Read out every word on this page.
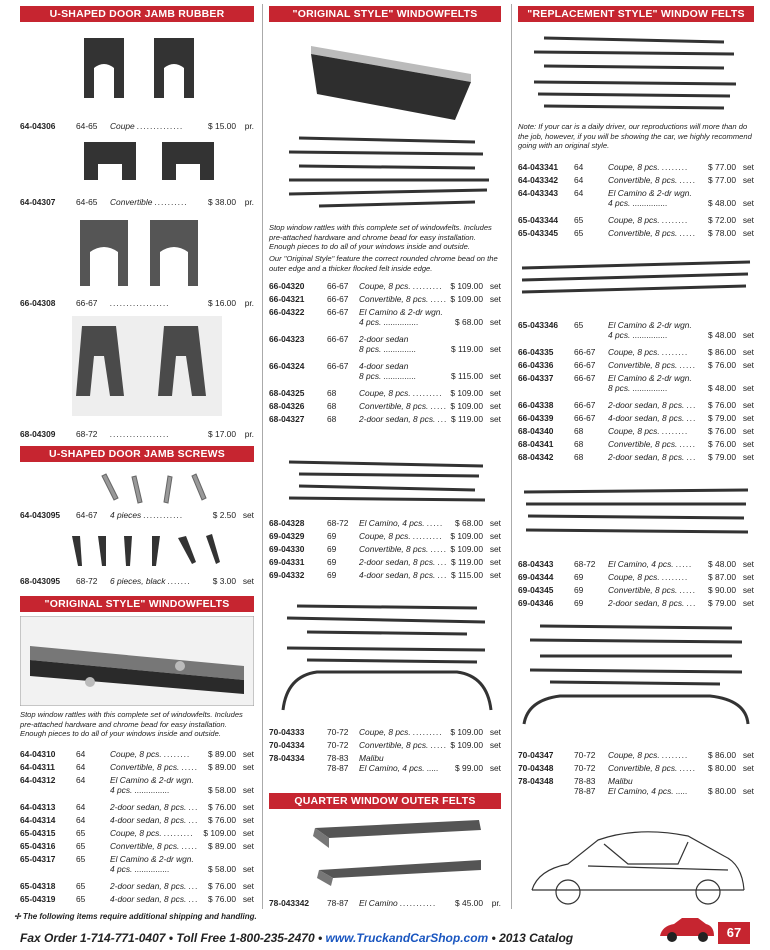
U-SHAPED DOOR JAMB RUBBER
64-04306 64-65 Coupe ..............	$ 15.00 pr.
64-04307 64-65 Convertible .......... $ 38.00 pr.
66-04308 66-67 ..................	$ 16.00 pr.
68-04309 68-72 ..................	$ 17.00 pr.
U-SHAPED DOOR JAMB SCREWS
64-043095 64-67 4 pieces ............	$ 2.50 set
68-043095 68-72 6 pieces, black .......	$ 3.00 set
"ORIGINAL STYLE" WINDOWFELTS
Stop window rattles with this complete set of windowfelts. Includes pre-attached hardware and chrome bead for easy installation. Enough pieces to do all of your windows inside and outside.
64-04310 64	Coupe, 8 pcs. ........ $ 89.00 set
64-04311	64	Convertible, 8 pcs. ..... $ 89.00 set
64-04312 64	El Camino & 2-dr wgn.
4 pcs. ...............	$ 58.00 set
64-04313 64	2-door sedan, 8 pcs. ... $ 76.00 set
64-04314 64	4-door sedan, 8 pcs. ... $ 76.00 set
65-04315 65	Coupe, 8 pcs. ......... $ 109.00 set
65-04316 65	Convertible, 8 pcs. ..... $ 89.00 set
65-04317 65	El Camino & 2-dr wgn.
4 pcs. ...............	$ 58.00 set
65-04318 65	2-door sedan, 8 pcs. ... $ 76.00 set
65-04319 65	4-door sedan, 8 pcs. ... $ 76.00 set
"ORIGINAL STYLE" WINDOWFELTS
Stop window rattles with this complete set of windowfelts. Includes pre-attached hardware and chrome bead for easy installation. Enough pieces to do all of your windows inside and outside.
Our "Original Style" feature the correct rounded chrome bead on the outer edge and a thicker flocked felt inside edge.
66-04320	66-67 Coupe, 8 pcs. ......... $ 109.00 set
66-04321	66-67 Convertible, 8 pcs. ..... $ 109.00 set
66-04322	66-67 El Camino & 2-dr wgn.
4 pcs. ...............	$ 68.00 set
66-04323	66-67 2-door sedan
8 pcs. ..............	$ 119.00 set
66-04324	66-67 4-door sedan
8 pcs. ..............	$ 115.00 set
68-04325	68	Coupe, 8 pcs. ......... $ 109.00 set
68-04326	68	Convertible, 8 pcs. ..... $ 109.00 set
68-04327	68	2-door sedan, 8 pcs. ... $ 119.00 set
68-04328	68-72 El Camino, 4 pcs. ..... $ 68.00 set
69-04329	69	Coupe, 8 pcs. ......... $ 109.00 set
69-04330	69	Convertible, 8 pcs. ..... $ 109.00 set
69-04331	69	2-door sedan, 8 pcs. ... $ 119.00 set
69-04332	69	4-door sedan, 8 pcs. ... $ 115.00 set
70-04333	70-72 Coupe, 8 pcs. ......... $ 109.00 set
70-04334	70-72 Convertible, 8 pcs. ..... $ 109.00 set
78-04334	78-83
78-87
Malibu
El Camino, 4 pcs. ..... $ 99.00 set
QUARTER WINDOW OUTER FELTS
78-043342 78-87 El Camino ........... $ 45.00 pr.
"REPLACEMENT STYLE" WINDOW FELTS
Note: If your car is a daily driver, our reproductions will more than do the job, however, if you will be showing the car, we highly recommend going with an original style.
64-043341 64	Coupe, 8 pcs. ........ $ 77.00 set
64-043342 64	Convertible, 8 pcs. ..... $ 77.00 set
64-043343 64	El Camino & 2-dr wgn.
4 pcs. ...............	$ 48.00 set
65-043344 65	Coupe, 8 pcs. ........ $ 72.00 set
65-043345 65	Convertible, 8 pcs. ..... $ 78.00 set
65-043346 65	El Camino & 2-dr wgn.
4 pcs. ...............	$ 48.00 set
66-04335 66-67 Coupe, 8 pcs. ........ $ 86.00 set
66-04336 66-67 Convertible, 8 pcs. ..... $ 76.00 set
66-04337 66-67 El Camino & 2-dr wgn.
8 pcs. ...............	$ 48.00 set
66-04338 66-67 2-door sedan, 8 pcs. ... $ 76.00 set
66-04339 66-67 4-door sedan, 8 pcs. ... $ 79.00 set
68-04340 68	Coupe, 8 pcs. ........ $ 76.00 set
68-04341 68	Convertible, 8 pcs. ..... $ 76.00 set
68-04342 68	2-door sedan, 8 pcs. ... $ 79.00 set
68-04343 68-72 El Camino, 4 pcs. ..... $ 48.00 set
69-04344 69	Coupe, 8 pcs. ........ $ 87.00 set
69-04345 69	Convertible, 8 pcs. ..... $ 90.00 set
69-04346 69	2-door sedan, 8 pcs. ... $ 79.00 set
70-04347 70-72 Coupe, 8 pcs. ........ $ 86.00 set
70-04348 70-72 Convertible, 8 pcs. ..... $ 80.00 set
78-04348 78-83
78-87
Malibu
El Camino, 4 pcs. ..... $ 80.00 set
✢ The following items require additional shipping and handling.
Fax Order 1-714-771-0407 • Toll Free 1-800-235-2470 • www.TruckandCarShop.com • 2013 Catalog	67
